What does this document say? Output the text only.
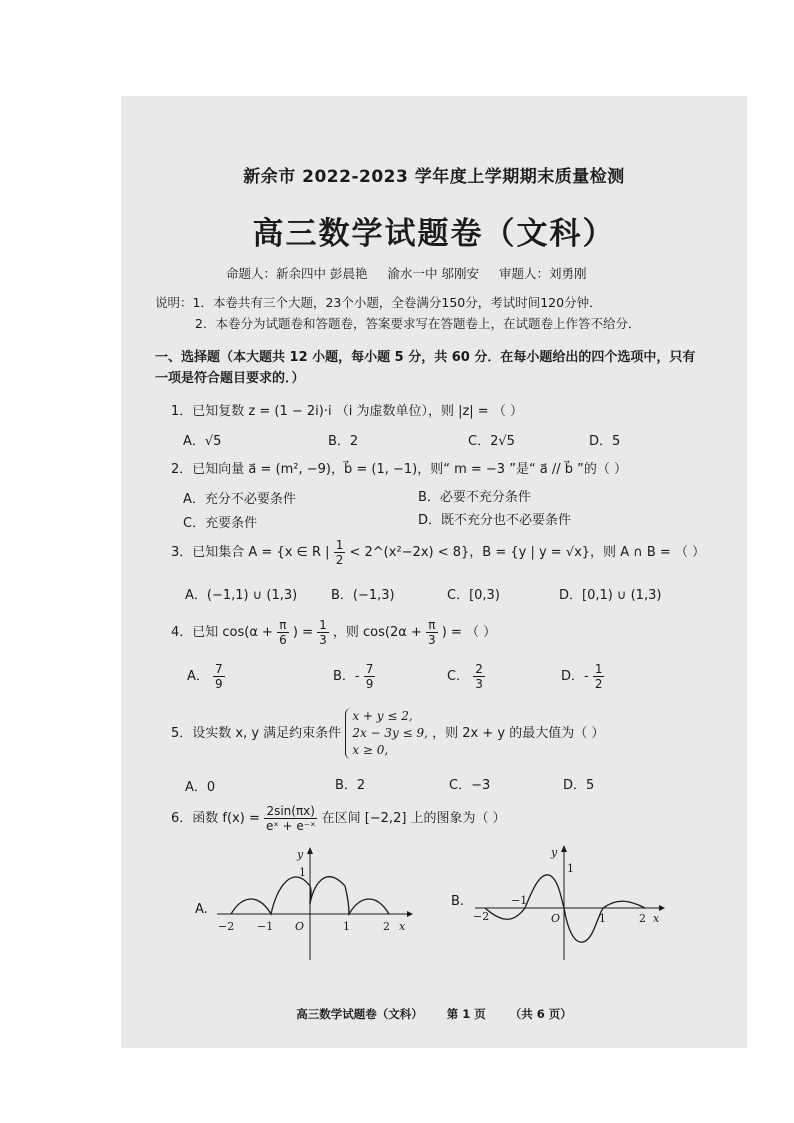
新余市 2022-2023 学年度上学期期末质量检测
高三数学试题卷（文科）
命题人：新余四中 彭晨艳 渝水一中 邬刚安 审题人：刘勇刚
说明：1．本卷共有三个大题，23个小题，全卷满分150分，考试时间120分钟．
2．本卷分为试题卷和答题卷，答案要求写在答题卷上，在试题卷上作答不给分．
一、选择题（本大题共 12 小题，每小题 5 分，共 60 分．在每小题给出的四个选项中，只有
一项是符合题目要求的．）
1．已知复数 z = (1 − 2i)·i （i 为虚数单位），则 |z| = （ ）
A．√5	B．2	C．2√5	D．5
2．已知向量 a⃗ = (m², −9)，b⃗ = (1, −1)，则“ m = −3 ”是“ a⃗ // b⃗ ”的（ ）
A．充分不必要条件	B．必要不充分条件
C．充要条件	D．既不充分也不必要条件
3．已知集合 A = {x ∈ R | $\frac{1}{2}$ < 2^(x²−2x) < 8}，B = {y | y = √x}，则 A ∩ B = （ ）
A．(−1,1) ∪ (1,3)	B．(−1,3)	C．[0,3)	D．[0,1) ∪ (1,3)
4．已知 $\cos(\alpha + \frac{\pi}{6}$ ) = $\frac{1}{3}$ ，则 $\cos(2\alpha + \frac{\pi}{3}$ ) = （ ）
A． $\frac{7}{9}$	B．- $\frac{7}{9}$	C． $\frac{2}{3}$	D．- $\frac{1}{2}$
5．设实数 x, y 满足约束条件
x + y ≤ 2,
2x − 3y ≤ 9,
x ≥ 0,
，则 2x + y 的最大值为（ ）
A．0	B．2	C．−3	D．5
6．函数 $f(x) = \frac{2\sin(\pi x)}{\text{eˣ + e⁻ˣ}}$ 在区间 [−2,2] 上的图象为（ ）
A.
−2 −1 O	1	2
1
x
y
B.
−2
−1
O	1	2
1
x
y
高三数学试题卷（文科） 第 1 页 （共 6 页）
